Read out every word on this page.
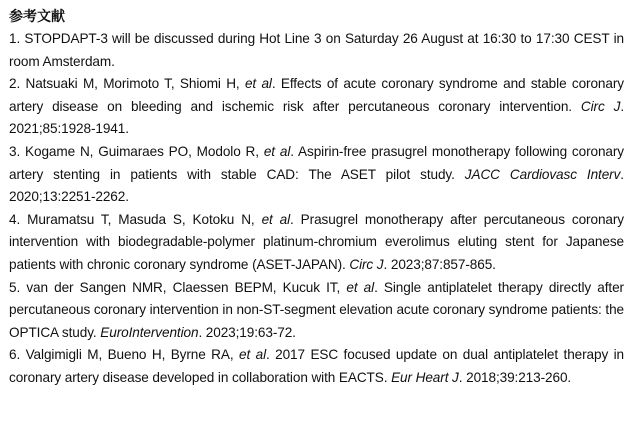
参考文献
1. STOPDAPT-3 will be discussed during Hot Line 3 on Saturday 26 August at 16:30 to 17:30 CEST in room Amsterdam.
2. Natsuaki M, Morimoto T, Shiomi H, et al. Effects of acute coronary syndrome and stable coronary artery disease on bleeding and ischemic risk after percutaneous coronary intervention. Circ J. 2021;85:1928-1941.
3. Kogame N, Guimaraes PO, Modolo R, et al. Aspirin-free prasugrel monotherapy following coronary artery stenting in patients with stable CAD: The ASET pilot study. JACC Cardiovasc Interv. 2020;13:2251-2262.
4. Muramatsu T, Masuda S, Kotoku N, et al. Prasugrel monotherapy after percutaneous coronary intervention with biodegradable-polymer platinum-chromium everolimus eluting stent for Japanese patients with chronic coronary syndrome (ASET-JAPAN). Circ J. 2023;87:857-865.
5. van der Sangen NMR, Claessen BEPM, Kucuk IT, et al. Single antiplatelet therapy directly after percutaneous coronary intervention in non-ST-segment elevation acute coronary syndrome patients: the OPTICA study. EuroIntervention. 2023;19:63-72.
6. Valgimigli M, Bueno H, Byrne RA, et al. 2017 ESC focused update on dual antiplatelet therapy in coronary artery disease developed in collaboration with EACTS. Eur Heart J. 2018;39:213-260.
